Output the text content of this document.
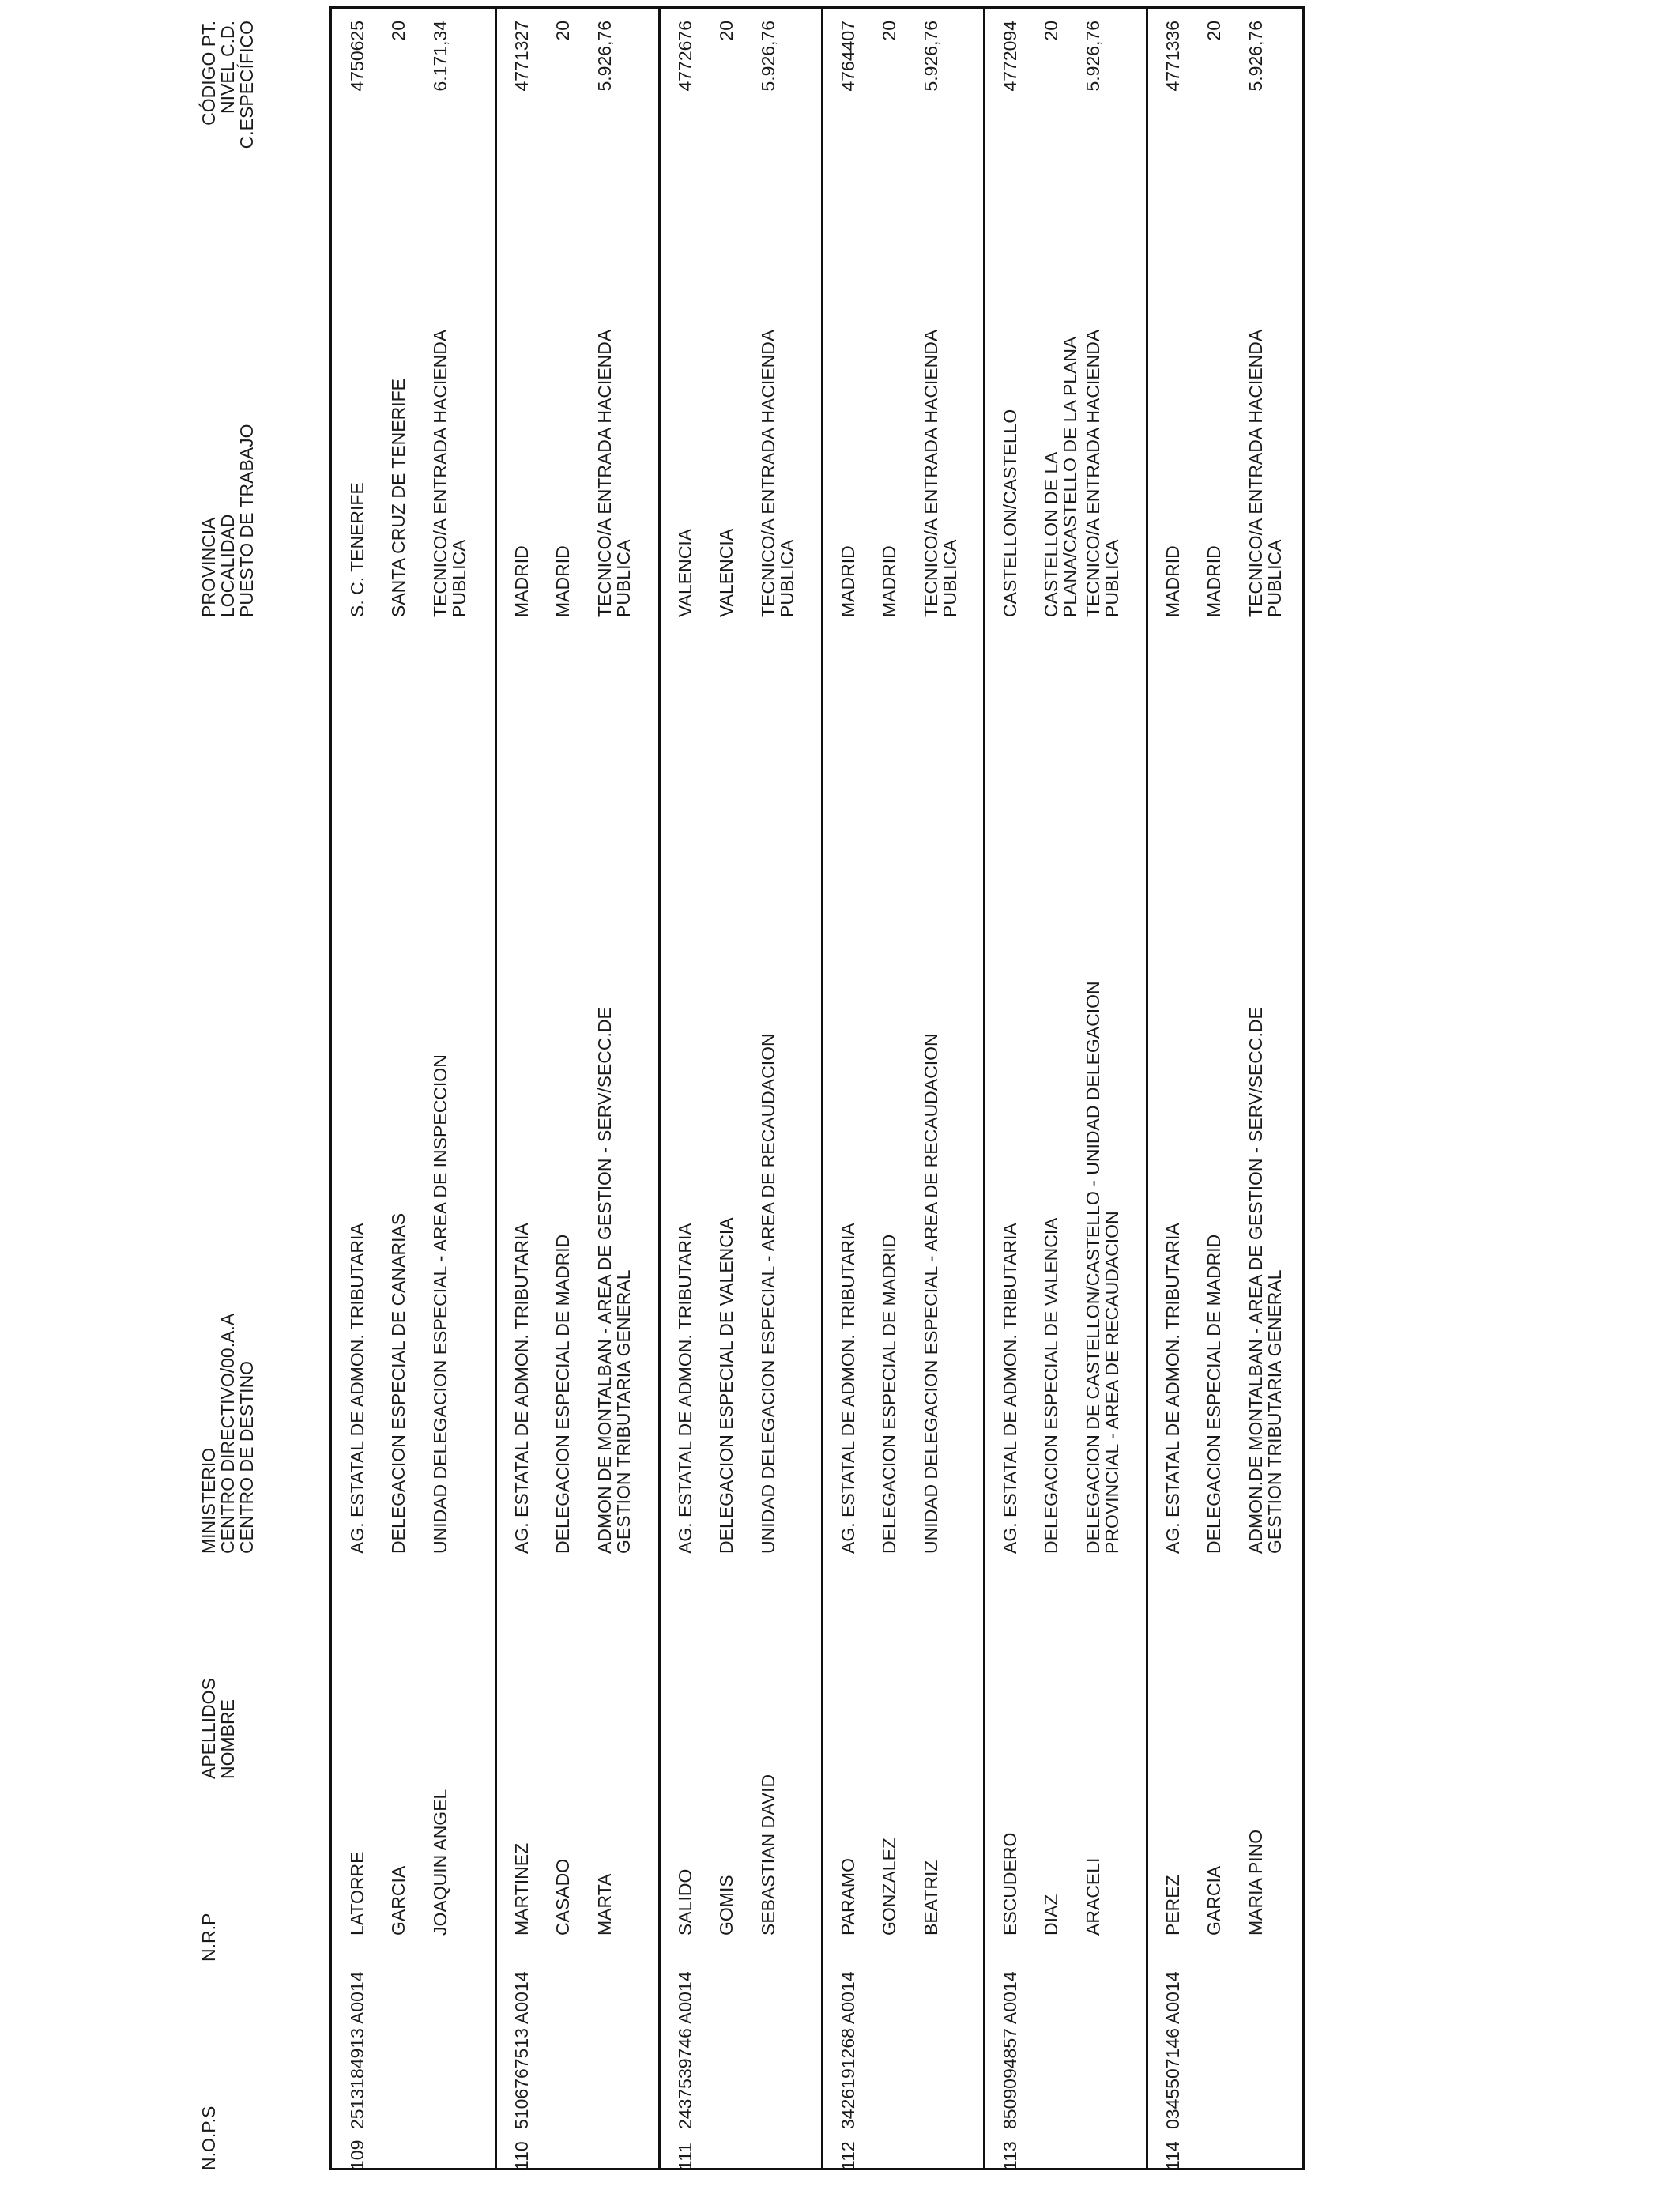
N.O.P.S
N.R.P
APELLIDOS
NOMBRE
MINISTERIO
CENTRO DIRECTIVO/00.A.A
CENTRO DE DESTINO
PROVINCIA
LOCALIDAD
PUESTO DE TRABAJO
CÓDIGO PT.
NIVEL C.D.
C.ESPECÍFICO
109
2513184913 A0014
LATORRE GARCIA JOAQUIN ANGEL
AG. ESTATAL DE ADMON. TRIBUTARIA DELEGACION ESPECIAL DE CANARIAS UNIDAD DELEGACION ESPECIAL - AREA DE INSPECCION
S. C. TENERIFE SANTA CRUZ DE TENERIFE TECNICO/A ENTRADA HACIENDA PUBLICA
4750625 20 6.171,34
110
5106767513 A0014
MARTINEZ CASADO MARTA
AG. ESTATAL DE ADMON. TRIBUTARIA DELEGACION ESPECIAL DE MADRID ADMON DE MONTALBAN - AREA DE GESTION - SERV/SECC.DE GESTION TRIBUTARIA GENERAL
MADRID MADRID TECNICO/A ENTRADA HACIENDA PUBLICA
4771327 20 5.926,76
111
2437539746 A0014
SALIDO GOMIS SEBASTIAN DAVID
AG. ESTATAL DE ADMON. TRIBUTARIA DELEGACION ESPECIAL DE VALENCIA UNIDAD DELEGACION ESPECIAL - AREA DE RECAUDACION
VALENCIA VALENCIA TECNICO/A ENTRADA HACIENDA PUBLICA
4772676 20 5.926,76
112
3426191268 A0014
PARAMO GONZALEZ BEATRIZ
AG. ESTATAL DE ADMON. TRIBUTARIA DELEGACION ESPECIAL DE MADRID UNIDAD DELEGACION ESPECIAL - AREA DE RECAUDACION
MADRID MADRID TECNICO/A ENTRADA HACIENDA PUBLICA
4764407 20 5.926,76
113
8509094857 A0014
ESCUDERO DIAZ ARACELI
AG. ESTATAL DE ADMON. TRIBUTARIA DELEGACION ESPECIAL DE VALENCIA DELEGACION DE CASTELLON/CASTELLO - UNIDAD DELEGACION PROVINCIAL - AREA DE RECAUDACION
CASTELLON/CASTELLO CASTELLON DE LA PLANA/CASTELLO DE LA PLANA TECNICO/A ENTRADA HACIENDA PUBLICA
4772094 20 5.926,76
114
0345507146 A0014
PEREZ GARCIA MARIA PINO
AG. ESTATAL DE ADMON. TRIBUTARIA DELEGACION ESPECIAL DE MADRID ADMON.DE MONTALBAN - AREA DE GESTION - SERV/SECC.DE GESTION TRIBUTARIA GENERAL
MADRID MADRID TECNICO/A ENTRADA HACIENDA PUBLICA
4771336 20 5.926,76
